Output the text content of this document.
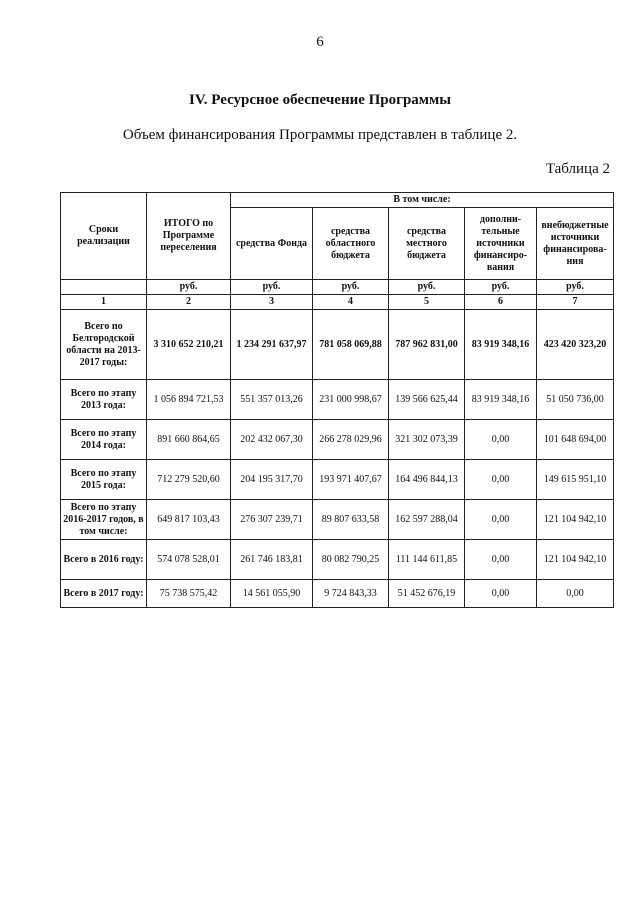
6
IV. Ресурсное обеспечение Программы
Объем финансирования Программы представлен в таблице 2.
Таблица 2
Сроки реализации	ИТОГО по Программе переселения	В том числе:				
		средства Фонда	средства областного бюджета	средства местного бюджета	дополни-тельные источники финансиро-вания	внебюджетные источники финансирова-ния
	руб.	руб.	руб.	руб.	руб.	руб.
1	2	3	4	5	6	7
Всего по Белгородской области на 2013-2017 годы:	3 310 652 210,21	1 234 291 637,97	781 058 069,88	787 962 831,00	83 919 348,16	423 420 323,20
Всего по этапу 2013 года:	1 056 894 721,53	551 357 013,26	231 000 998,67	139 566 625,44	83 919 348,16	51 050 736,00
Всего по этапу 2014 года:	891 660 864,65	202 432 067,30	266 278 029,96	321 302 073,39	0,00	101 648 694,00
Всего по этапу 2015 года:	712 279 520,60	204 195 317,70	193 971 407,67	164 496 844,13	0,00	149 615 951,10
Всего по этапу 2016-2017 годов, в том числе:	649 817 103,43	276 307 239,71	89 807 633,58	162 597 288,04	0,00	121 104 942,10
Всего в 2016 году:	574 078 528,01	261 746 183,81	80 082 790,25	111 144 611,85	0,00	121 104 942,10
Всего в 2017 году:	75 738 575,42	14 561 055,90	9 724 843,33	51 452 676,19	0,00	0,00
